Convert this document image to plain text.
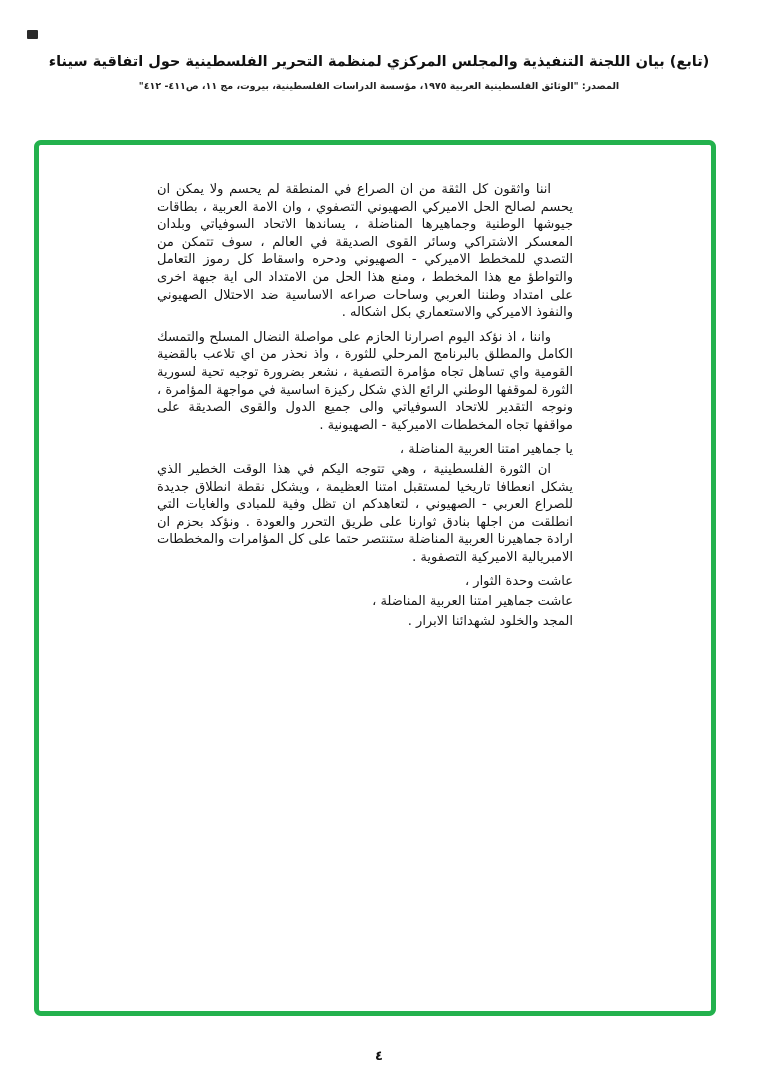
(تابع) بيان اللجنة التنفيذية والمجلس المركزي لمنظمة التحرير الفلسطينية حول اتفاقية سيناء
المصدر: "الوثائق الفلسطينية العربية ١٩٧٥، مؤسسة الدراسات الفلسطينية، بيروت، مج ١١، ص٤١١- ٤١٢"

اننا واثقون كل الثقة من ان الصراع في المنطقة لم يحسم ولا يمكن ان يحسم لصالح الحل الاميركي الصهيوني التصفوي ، وان الامة العربية ، بطاقات جيوشها الوطنية وجماهيرها المناضلة ، يساندها الاتحاد السوفياتي وبلدان المعسكر الاشتراكي وسائر القوى الصديقة في العالم ، سوف تتمكن من التصدي للمخطط الاميركي - الصهيوني ودحره واسقاط كل رموز التعامل والتواطؤ مع هذا المخطط ، ومنع هذا الحل من الامتداد الى اية جبهة اخرى على امتداد وطننا العربي وساحات صراعه الاساسية ضد الاحتلال الصهيوني والنفوذ الاميركي والاستعماري بكل اشكاله .

واننا ، اذ نؤكد اليوم اصرارنا الحازم على مواصلة النضال المسلح والتمسك الكامل والمطلق بالبرنامج المرحلي للثورة ، واذ نحذر من اي تلاعب بالقضية القومية واي تساهل تجاه مؤامرة التصفية ، نشعر بضرورة توجيه تحية لسورية الثورة لموقفها الوطني الرائع الذي شكل ركيزة اساسية في مواجهة المؤامرة ، ونوجه التقدير للاتحاد السوفياتي والى جميع الدول والقوى الصديقة على مواقفها تجاه المخططات الاميركية - الصهيونية .

يا جماهير امتنا العربية المناضلة ،

ان الثورة الفلسطينية ، وهي تتوجه اليكم في هذا الوقت الخطير الذي يشكل انعطافا تاريخيا لمستقبل امتنا العظيمة ، ويشكل نقطة انطلاق جديدة للصراع العربي - الصهيوني ، لتعاهدكم ان تظل وفية للمبادى والغايات التي انطلقت من اجلها بنادق ثوارنا على طريق التحرر والعودة . ونؤكد بحزم ان ارادة جماهيرنا العربية المناضلة ستنتصر حتما على كل المؤامرات والمخططات الامبريالية الاميركية التصفوية .

عاشت وحدة الثوار ،

عاشت جماهير امتنا العربية المناضلة ،

المجد والخلود لشهدائنا الابرار .

٤
